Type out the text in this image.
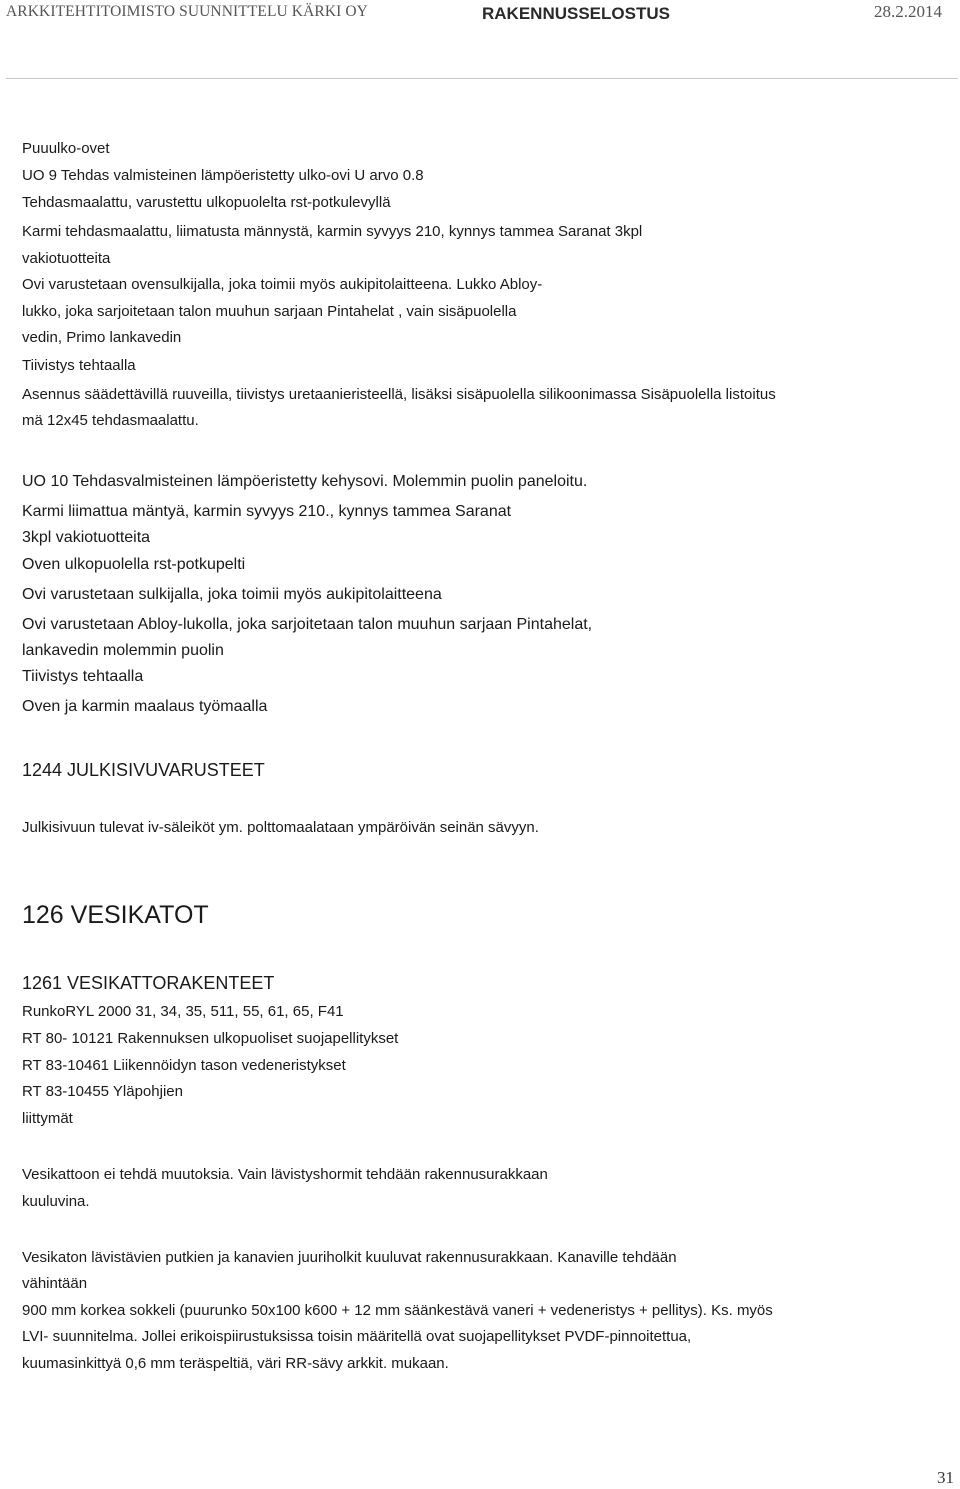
ARKKITEHTITOIMISTO SUUNNITTELU KÄRKI OY	RAKENNUSSELOSTUS	28.2.2014

Puuulko-ovet

UO 9 Tehdas valmisteinen lämpöeristetty ulko-ovi U arvo 0.8

Tehdasmaalattu, varustettu ulkopuolelta rst-potkulevyllä

Karmi tehdasmaalattu, liimatusta männystä, karmin syvyys 210, kynnys tammea Saranat 3kpl

vakiotuotteita

Ovi varustetaan ovensulkijalla, joka toimii myös aukipitolaitteena. Lukko Abloy-

lukko, joka sarjoitetaan talon muuhun sarjaan Pintahelat , vain sisäpuolella

vedin, Primo lankavedin

Tiivistys tehtaalla

Asennus säädettävillä ruuveilla, tiivistys uretaanieristeellä, lisäksi sisäpuolella silikoonimassa Sisäpuolella listoitus

mä 12x45 tehdasmaalattu.

UO 10 Tehdasvalmisteinen lämpöeristetty kehysovi. Molemmin puolin paneloitu.

Karmi liimattua mäntyä, karmin syvyys 210., kynnys tammea Saranat

3kpl vakiotuotteita

Oven ulkopuolella rst-potkupelti

Ovi varustetaan sulkijalla, joka toimii myös aukipitolaitteena

Ovi varustetaan Abloy-lukolla, joka sarjoitetaan talon muuhun sarjaan Pintahelat,

lankavedin molemmin puolin

Tiivistys tehtaalla

Oven ja karmin maalaus työmaalla

1244 JULKISIVUVARUSTEET

Julkisivuun tulevat iv-säleiköt ym. polttomaalataan ympäröivän seinän sävyyn.

126 VESIKATOT

1261 VESIKATTORAKENTEET

RunkoRYL 2000 31, 34, 35, 511, 55, 61, 65, F41

RT 80- 10121 Rakennuksen ulkopuoliset suojapellitykset

RT 83-10461 Liikennöidyn tason vedeneristykset

RT 83-10455 Yläpohjien

liittymät

Vesikattoon ei tehdä muutoksia. Vain lävistyshormit tehdään rakennusurakkaan

kuuluvina.

Vesikaton lävistävien putkien ja kanavien juuriholkit kuuluvat rakennusurakkaan. Kanaville tehdään

vähintään

900 mm korkea sokkeli (puurunko 50x100 k600 + 12 mm säänkestävä vaneri + vedeneristys + pellitys). Ks. myös

LVI- suunnitelma. Jollei erikoispiirustuksissa toisin määritellä ovat suojapellitykset PVDF-pinnoitettua,

kuumasinkittyä 0,6 mm teräspeltiä, väri RR-sävy arkkit. mukaan.

31
